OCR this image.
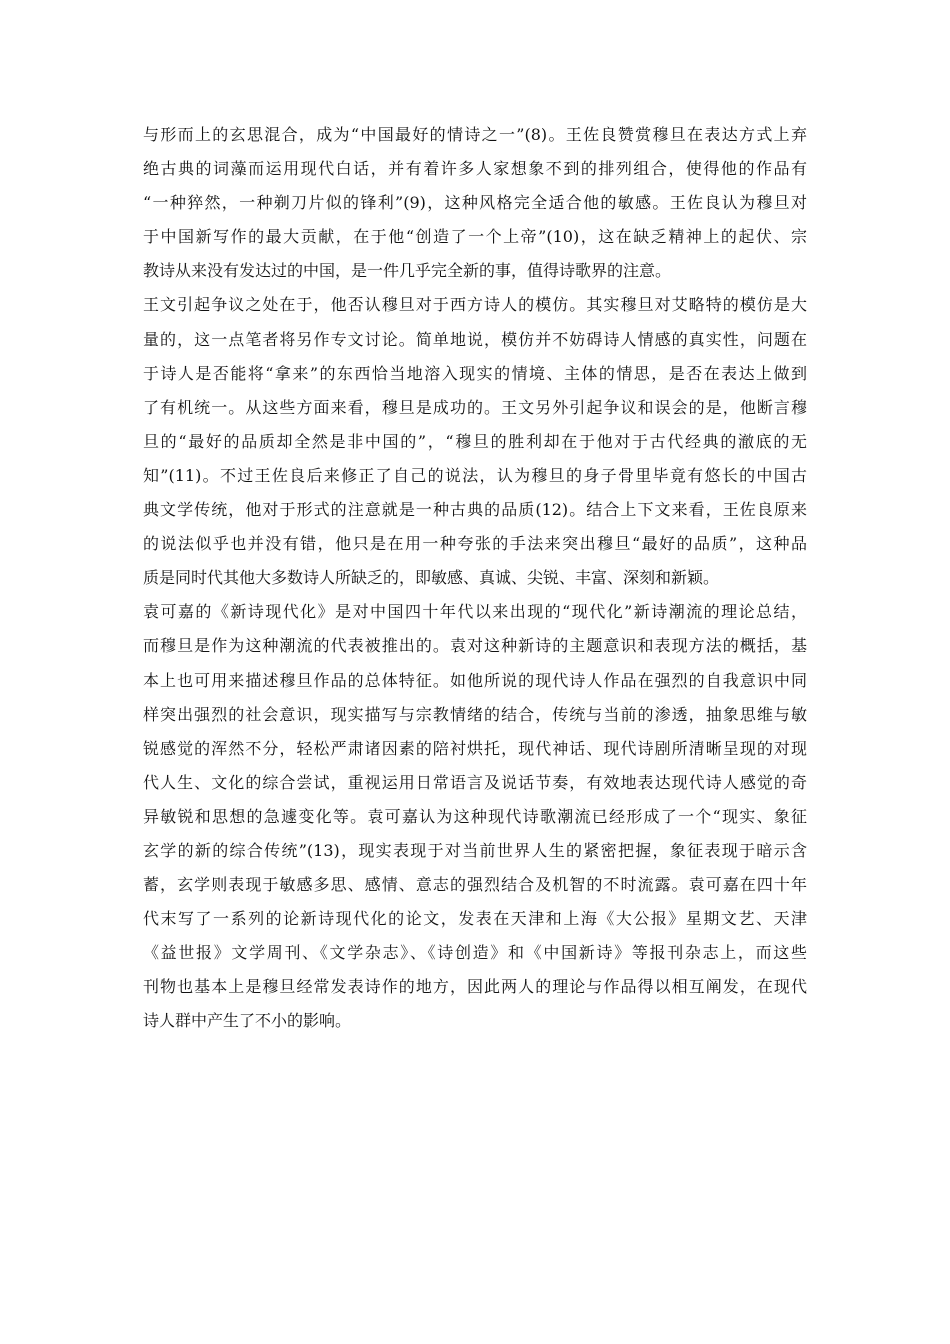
与形而上的玄思混合，成为“中国最好的情诗之一”(8)。王佐良赞赏穆旦在表达方式上弃
绝古典的词藻而运用现代白话，并有着许多人家想象不到的排列组合，使得他的作品有
“一种猝然，一种剃刀片似的锋利”(9)，这种风格完全适合他的敏感。王佐良认为穆旦对
于中国新写作的最大贡献，在于他“创造了一个上帝”(10)，这在缺乏精神上的起伏、宗
教诗从来没有发达过的中国，是一件几乎完全新的事，值得诗歌界的注意。
王文引起争议之处在于，他否认穆旦对于西方诗人的模仿。其实穆旦对艾略特的模仿是大
量的，这一点笔者将另作专文讨论。简单地说，模仿并不妨碍诗人情感的真实性，问题在
于诗人是否能将“拿来”的东西恰当地溶入现实的情境、主体的情思，是否在表达上做到
了有机统一。从这些方面来看，穆旦是成功的。王文另外引起争议和误会的是，他断言穆
旦的“最好的品质却全然是非中国的”，“穆旦的胜利却在于他对于古代经典的澈底的无
知”(11)。不过王佐良后来修正了自己的说法，认为穆旦的身子骨里毕竟有悠长的中国古
典文学传统，他对于形式的注意就是一种古典的品质(12)。结合上下文来看，王佐良原来
的说法似乎也并没有错，他只是在用一种夸张的手法来突出穆旦“最好的品质”，这种品
质是同时代其他大多数诗人所缺乏的，即敏感、真诚、尖锐、丰富、深刻和新颖。
袁可嘉的《新诗现代化》是对中国四十年代以来出现的“现代化”新诗潮流的理论总结，
而穆旦是作为这种潮流的代表被推出的。袁对这种新诗的主题意识和表现方法的概括，基
本上也可用来描述穆旦作品的总体特征。如他所说的现代诗人作品在强烈的自我意识中同
样突出强烈的社会意识，现实描写与宗教情绪的结合，传统与当前的渗透，抽象思维与敏
锐感觉的浑然不分，轻松严肃诸因素的陪衬烘托，现代神话、现代诗剧所清晰呈现的对现
代人生、文化的综合尝试，重视运用日常语言及说话节奏，有效地表达现代诗人感觉的奇
异敏锐和思想的急遽变化等。袁可嘉认为这种现代诗歌潮流已经形成了一个“现实、象征
玄学的新的综合传统”(13)，现实表现于对当前世界人生的紧密把握，象征表现于暗示含
蓄，玄学则表现于敏感多思、感情、意志的强烈结合及机智的不时流露。袁可嘉在四十年
代末写了一系列的论新诗现代化的论文，发表在天津和上海《大公报》星期文艺、天津
《益世报》文学周刊、《文学杂志》、《诗创造》和《中国新诗》等报刊杂志上，而这些
刊物也基本上是穆旦经常发表诗作的地方，因此两人的理论与作品得以相互阐发，在现代
诗人群中产生了不小的影响。
